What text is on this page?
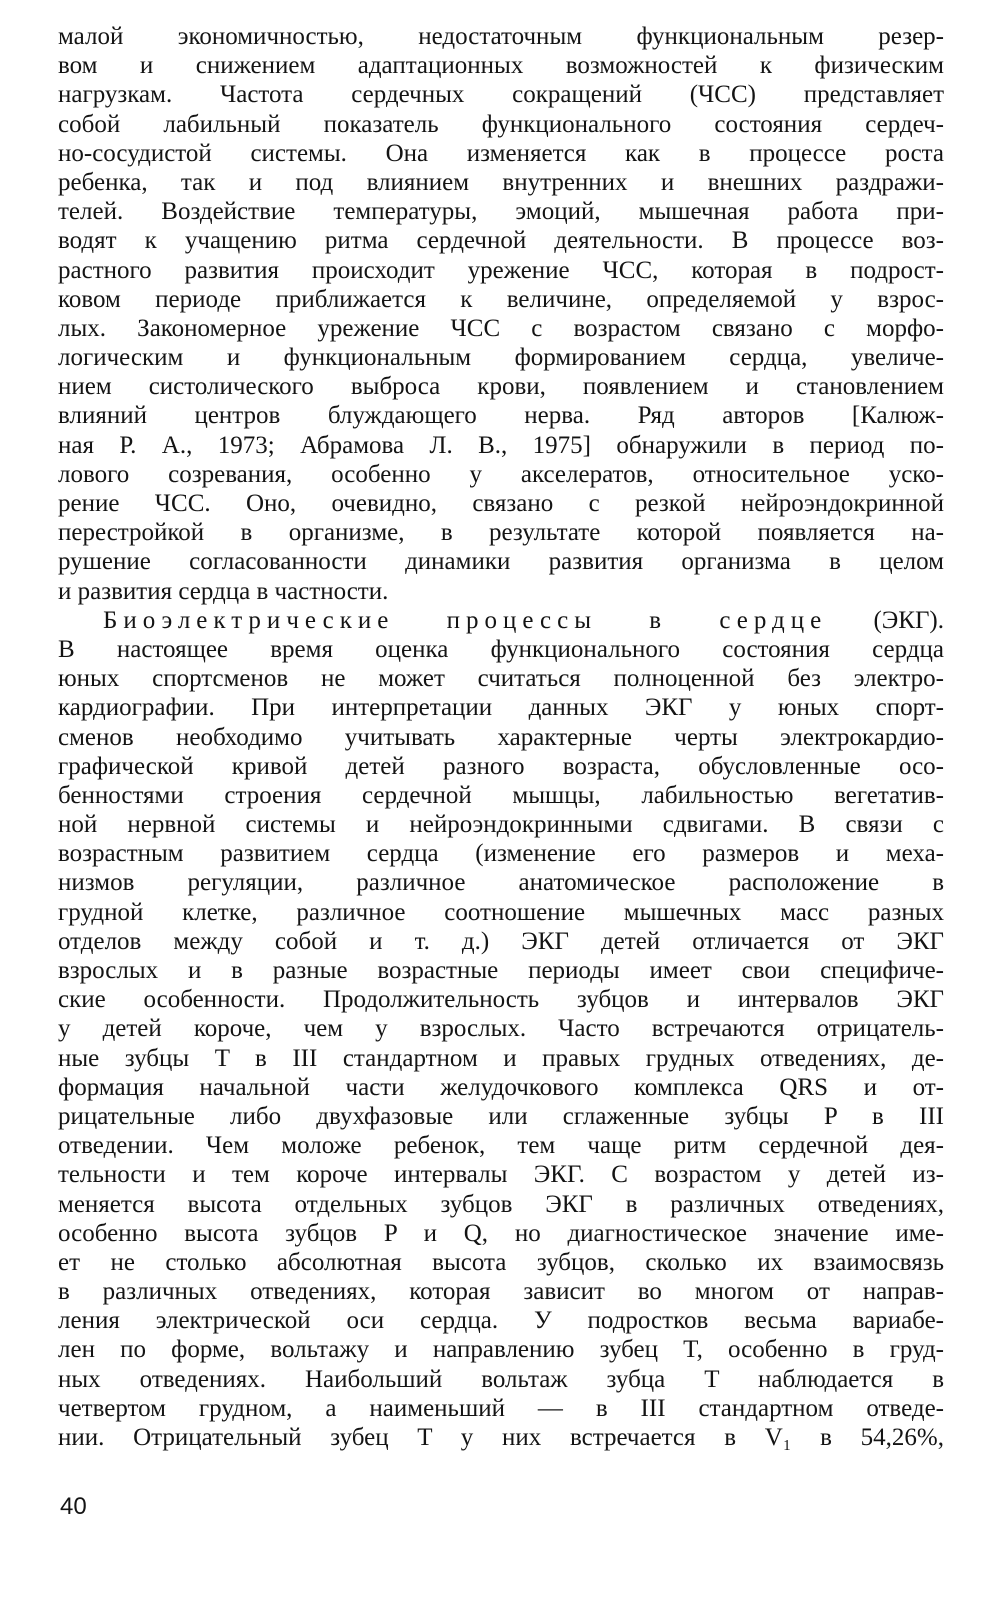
малой экономичностью, недостаточным функциональным резер-
вом и снижением адаптационных возможностей к физическим
нагрузкам. Частота сердечных сокращений (ЧСС) представляет
собой лабильный показатель функционального состояния сердеч-
но-сосудистой системы. Она изменяется как в процессе роста
ребенка, так и под влиянием внутренних и внешних раздражи-
телей. Воздействие температуры, эмоций, мышечная работа при-
водят к учащению ритма сердечной деятельности. В процессе воз-
растного развития происходит урежение ЧСС, которая в подрост-
ковом периоде приближается к величине, определяемой у взрос-
лых. Закономерное урежение ЧСС с возрастом связано с морфо-
логическим и функциональным формированием сердца, увеличе-
нием систолического выброса крови, появлением и становлением
влияний центров блуждающего нерва. Ряд авторов [Калюж-
ная Р. А., 1973; Абрамова Л. В., 1975] обнаружили в период по-
лового созревания, особенно у акселератов, относительное уско-
рение ЧСС. Оно, очевидно, связано с резкой нейроэндокринной
перестройкой в организме, в результате которой появляется на-
рушение согласованности динамики развития организма в целом
и развития сердца в частности.
Биоэлектрические процессы в сердце (ЭКГ).
В настоящее время оценка функционального состояния сердца
юных спортсменов не может считаться полноценной без электро-
кардиографии. При интерпретации данных ЭКГ у юных спорт-
сменов необходимо учитывать характерные черты электрокардио-
графической кривой детей разного возраста, обусловленные осо-
бенностями строения сердечной мышцы, лабильностью вегетатив-
ной нервной системы и нейроэндокринными сдвигами. В связи с
возрастным развитием сердца (изменение его размеров и меха-
низмов регуляции, различное анатомическое расположение в
грудной клетке, различное соотношение мышечных масс разных
отделов между собой и т. д.) ЭКГ детей отличается от ЭКГ
взрослых и в разные возрастные периоды имеет свои специфиче-
ские особенности. Продолжительность зубцов и интервалов ЭКГ
у детей короче, чем у взрослых. Часто встречаются отрицатель-
ные зубцы T в III стандартном и правых грудных отведениях, де-
формация начальной части желудочкового комплекса QRS и от-
рицательные либо двухфазовые или сглаженные зубцы P в III
отведении. Чем моложе ребенок, тем чаще ритм сердечной дея-
тельности и тем короче интервалы ЭКГ. С возрастом у детей из-
меняется высота отдельных зубцов ЭКГ в различных отведениях,
особенно высота зубцов P и Q, но диагностическое значение име-
ет не столько абсолютная высота зубцов, сколько их взаимосвязь
в различных отведениях, которая зависит во многом от направ-
ления электрической оси сердца. У подростков весьма вариабе-
лен по форме, вольтажу и направлению зубец T, особенно в груд-
ных отведениях. Наибольший вольтаж зубца T наблюдается в
четвертом грудном, а наименьший — в III стандартном отведе-
нии. Отрицательный зубец T у них встречается в V₁ в 54,26%,
40
